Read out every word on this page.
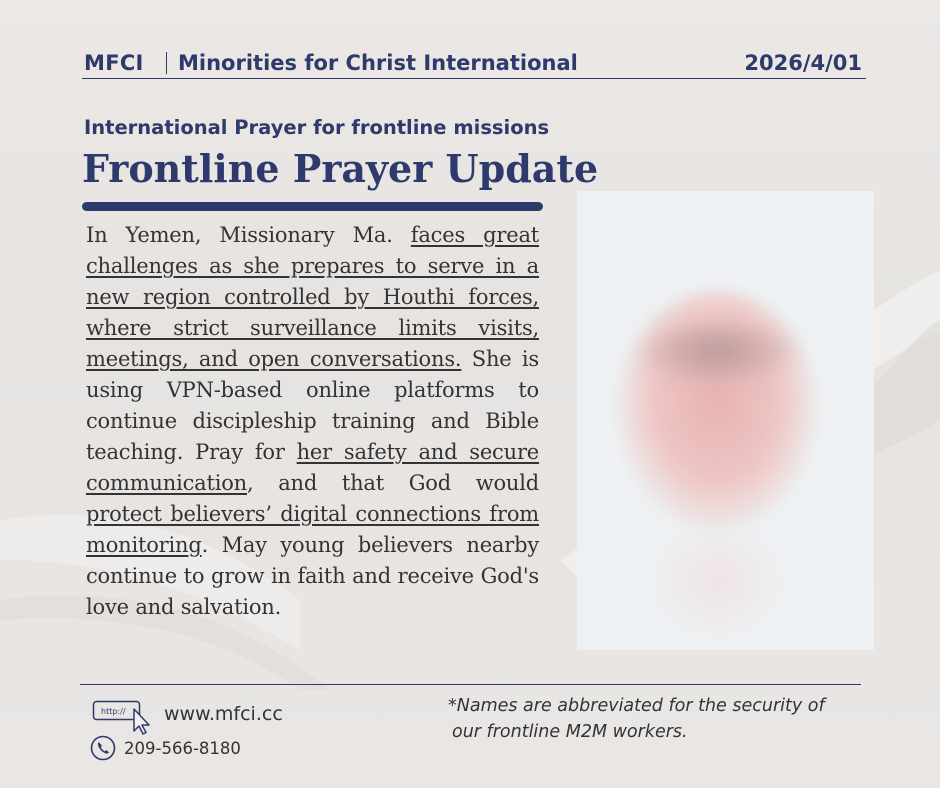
MFCI Minorities for Christ International	2026/4/01
International Prayer for frontline missions
Frontline Prayer Update
In Yemen, Missionary Ma. faces great challenges as she prepares to serve in a new region controlled by Houthi forces, where strict surveillance limits visits, meetings, and open conversations. She is using VPN-based online platforms to continue discipleship training and Bible teaching. Pray for her safety and secure communication, and that God would protect believers’ digital connections from monitoring. May young believers nearby continue to grow in faith and receive God's love and salvation.
http:// www.mfci.cc
209-566-8180
*Names are abbreviated for the security of
our frontline M2M workers.
